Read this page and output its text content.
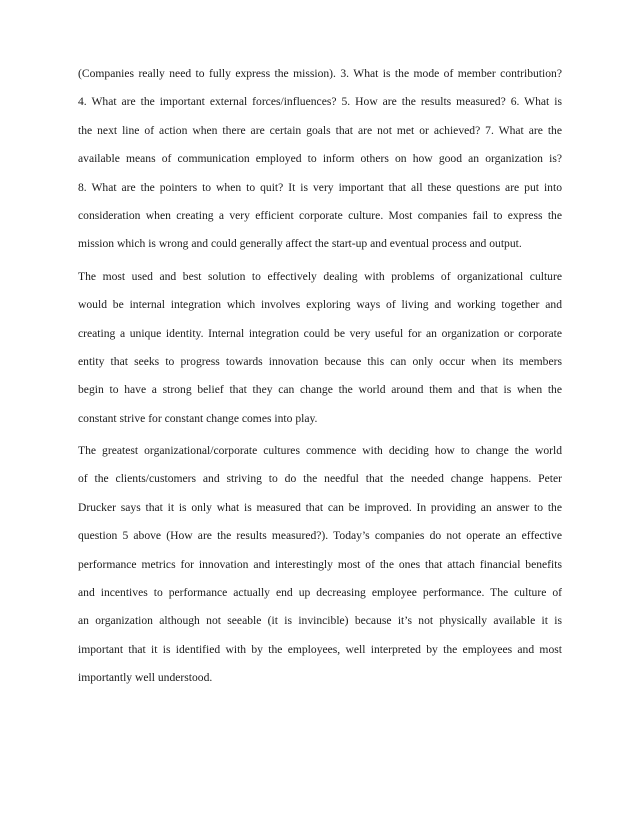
(Companies really need to fully express the mission). 3. What is the mode of member contribution?
4. What are the important external forces/influences? 5. How are the results measured? 6. What is
the next line of action when there are certain goals that are not met or achieved? 7. What are the
available means of communication employed to inform others on how good an organization is?
8. What are the pointers to when to quit? It is very important that all these questions are put into
consideration when creating a very efficient corporate culture. Most companies fail to express the
mission which is wrong and could generally affect the start-up and eventual process and output.
The most used and best solution to effectively dealing with problems of organizational culture
would be internal integration which involves exploring ways of living and working together and
creating a unique identity. Internal integration could be very useful for an organization or corporate
entity that seeks to progress towards innovation because this can only occur when its members
begin to have a strong belief that they can change the world around them and that is when the
constant strive for constant change comes into play.
The greatest organizational/corporate cultures commence with deciding how to change the world
of the clients/customers and striving to do the needful that the needed change happens. Peter
Drucker says that it is only what is measured that can be improved. In providing an answer to the
question 5 above (How are the results measured?). Today’s companies do not operate an effective
performance metrics for innovation and interestingly most of the ones that attach financial benefits
and incentives to performance actually end up decreasing employee performance. The culture of
an organization although not seeable (it is invincible) because it’s not physically available it is
important that it is identified with by the employees, well interpreted by the employees and most
importantly well understood.
